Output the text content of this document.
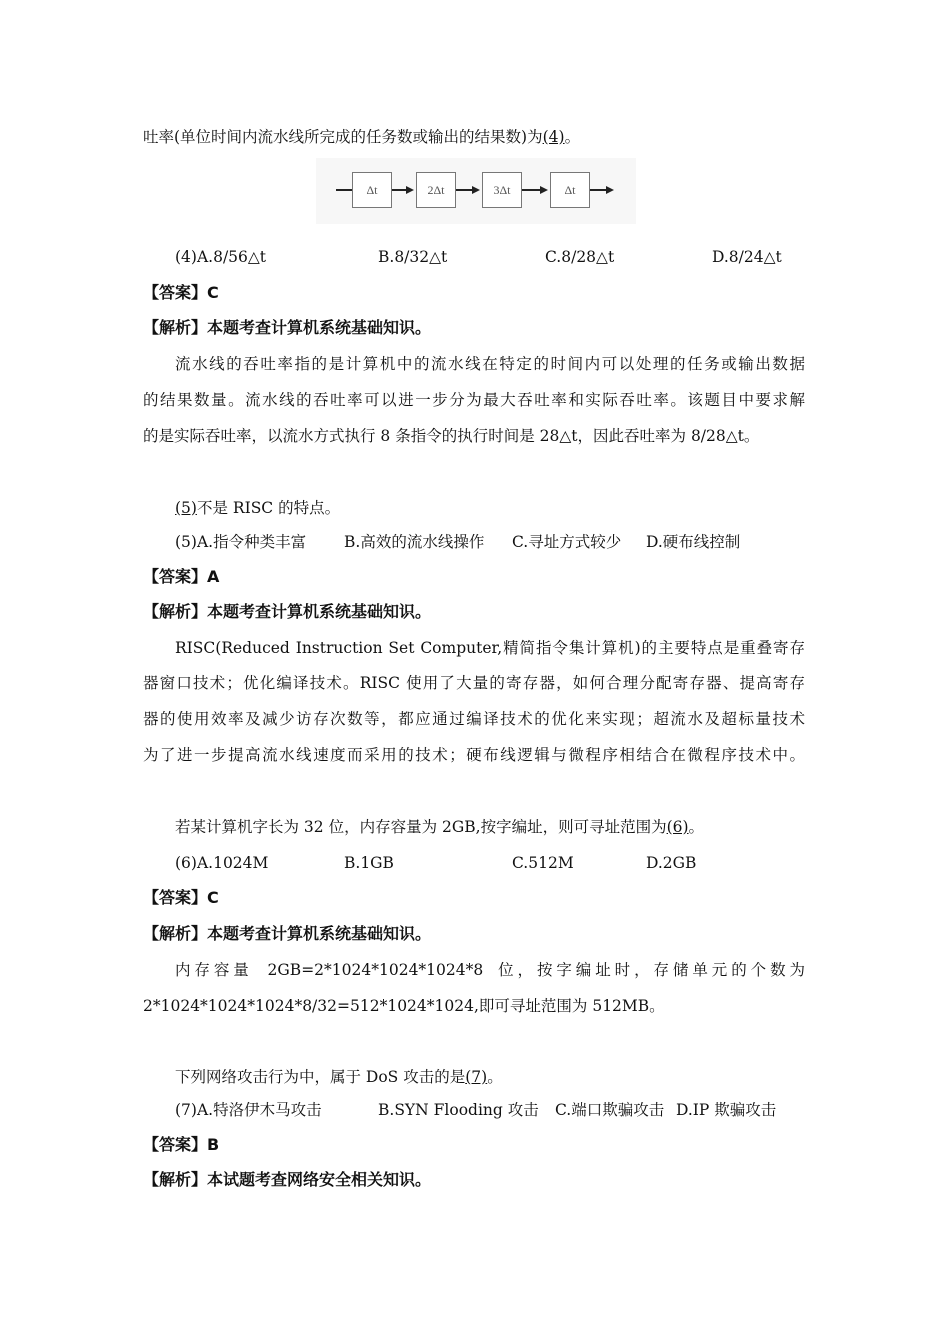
吐率(单位时间内流水线所完成的任务数或输出的结果数)为(4)。
Δt	2Δt	3Δt	Δt
(4)A.8/56△t	B.8/32△t	C.8/28△t	D.8/24△t
【答案】C
【解析】本题考查计算机系统基础知识。
流水线的吞吐率指的是计算机中的流水线在特定的时间内可以处理的任务或输出数据
的结果数量。流水线的吞吐率可以进一步分为最大吞吐率和实际吞吐率。该题目中要求解
的是实际吞吐率，以流水方式执行 8 条指令的执行时间是 28△t，因此吞吐率为 8/28△t。
(5)不是 RISC 的特点。
(5)A.指令种类丰富 B.高效的流水线操作 C.寻址方式较少 D.硬布线控制
【答案】A
【解析】本题考查计算机系统基础知识。
RISC(Reduced Instruction Set Computer,精简指令集计算机)的主要特点是重叠寄存
器窗口技术；优化编译技术。RISC 使用了大量的寄存器，如何合理分配寄存器、提高寄存
器的使用效率及减少访存次数等，都应通过编译技术的优化来实现；超流水及超标量技术
为了进一步提高流水线速度而采用的技术；硬布线逻辑与微程序相结合在微程序技术中。
若某计算机字长为 32 位，内存容量为 2GB,按字编址，则可寻址范围为(6)。
(6)A.1024M	B.1GB	C.512M	D.2GB
【答案】C
【解析】本题考查计算机系统基础知识。
内存容量 2GB=2*1024*1024*1024*8 位，按字编址时，存储单元的个数为
2*1024*1024*1024*8/32=512*1024*1024,即可寻址范围为 512MB。
下列网络攻击行为中，属于 DoS 攻击的是(7)。
(7)A.特洛伊木马攻击	B.SYN Flooding 攻击 C.端口欺骗攻击 D.IP 欺骗攻击
【答案】B
【解析】本试题考查网络安全相关知识。
